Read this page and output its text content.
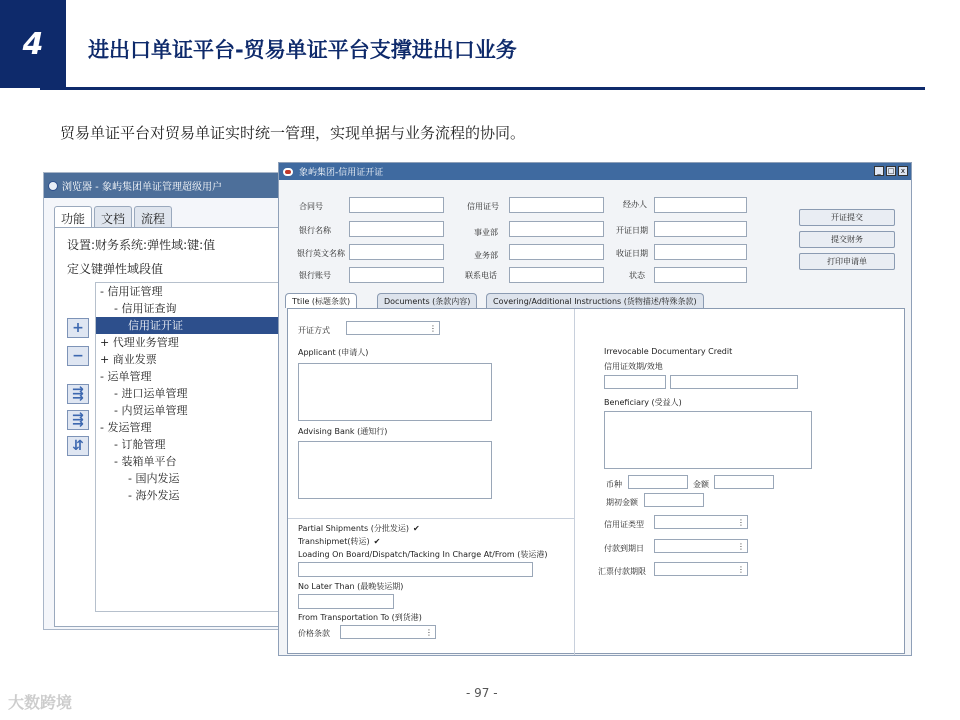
4	进出口单证平台-贸易单证平台支撑进出口业务
贸易单证平台对贸易单证实时统一管理，实现单据与业务流程的协同。
浏览器 - 象屿集团单证管理超级用户
功能	文档	流程
设置:财务系统:弹性域:键:值
定义键弹性域段值
+
−
⇶
⇶
⇵
- 信用证管理
- 信用证查询
信用证开证
+ 代理业务管理
+ 商业发票
- 运单管理
- 进口运单管理
- 内贸运单管理
- 发运管理
- 订舱管理
- 装箱单平台
- 国内发运
- 海外发运
象屿集团-信用证开证	_ □ x
合同号	信用证号	经办人
银行名称	事业部	开证日期
银行英文名称	业务部	收证日期
银行账号	联系电话	状态
开证提交
提交财务
打印申请单
Ttile (标题条款)	Documents (条款内容)	Covering/Additional Instructions (货物描述/特殊条款)
开证方式	⋮
Applicant (申请人)
Advising Bank (通知行)
Partial Shipments (分批发运) ✔
Transhipmet(转运) ✔
Loading On Board/Dispatch/Tacking In Charge At/From (装运港)
No Later Than (最晚装运期)
From Transportation To (到货港)
价格条款	⋮
Irrevocable Documentary Credit
信用证效期/效地
Beneficiary (受益人)
币种	金额
期初金额
信用证类型	⋮
付款到期日	⋮
汇票付款期限	⋮
- 97 -
大数跨境
